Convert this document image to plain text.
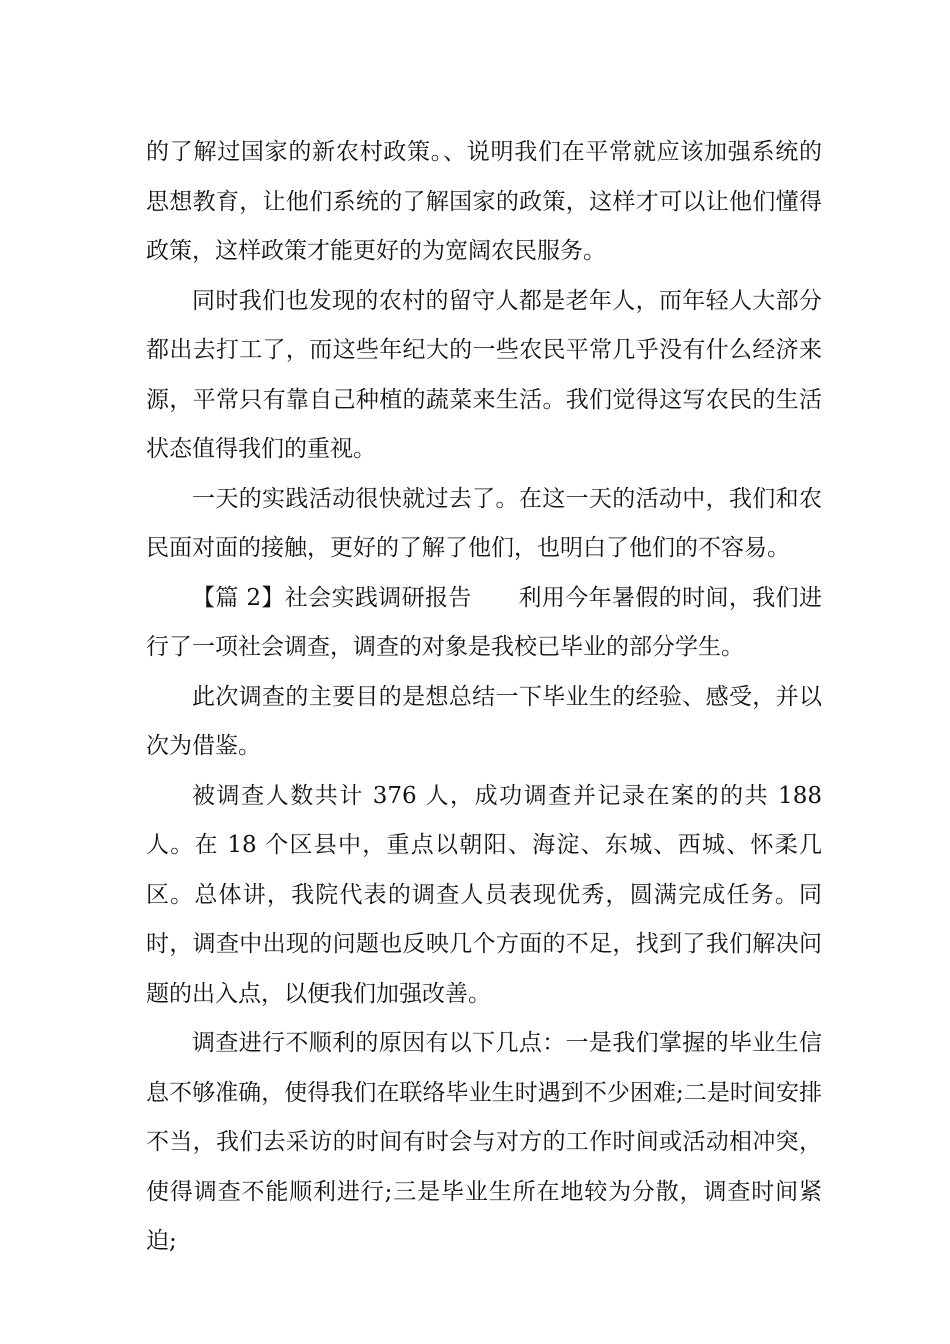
的了解过国家的新农村政策。、说明我们在平常就应该加强系统的思想教育，让他们系统的了解国家的政策，这样才可以让他们懂得政策，这样政策才能更好的为宽阔农民服务。

同时我们也发现的农村的留守人都是老年人，而年轻人大部分都出去打工了，而这些年纪大的一些农民平常几乎没有什么经济来源，平常只有靠自己种植的蔬菜来生活。我们觉得这写农民的生活状态值得我们的重视。

一天的实践活动很快就过去了。在这一天的活动中，我们和农民面对面的接触，更好的了解了他们，也明白了他们的不容易。

【篇 2】社会实践调研报告　　利用今年暑假的时间，我们进行了一项社会调查，调查的对象是我校已毕业的部分学生。

此次调查的主要目的是想总结一下毕业生的经验、感受，并以次为借鉴。

被调查人数共计 376 人，成功调查并记录在案的的共 188 人。在 18 个区县中，重点以朝阳、海淀、东城、西城、怀柔几区。总体讲，我院代表的调查人员表现优秀，圆满完成任务。同时，调查中出现的问题也反映几个方面的不足，找到了我们解决问题的出入点，以便我们加强改善。

调查进行不顺利的原因有以下几点：一是我们掌握的毕业生信息不够准确，使得我们在联络毕业生时遇到不少困难;二是时间安排不当，我们去采访的时间有时会与对方的工作时间或活动相冲突，使得调查不能顺利进行;三是毕业生所在地较为分散，调查时间紧迫;
